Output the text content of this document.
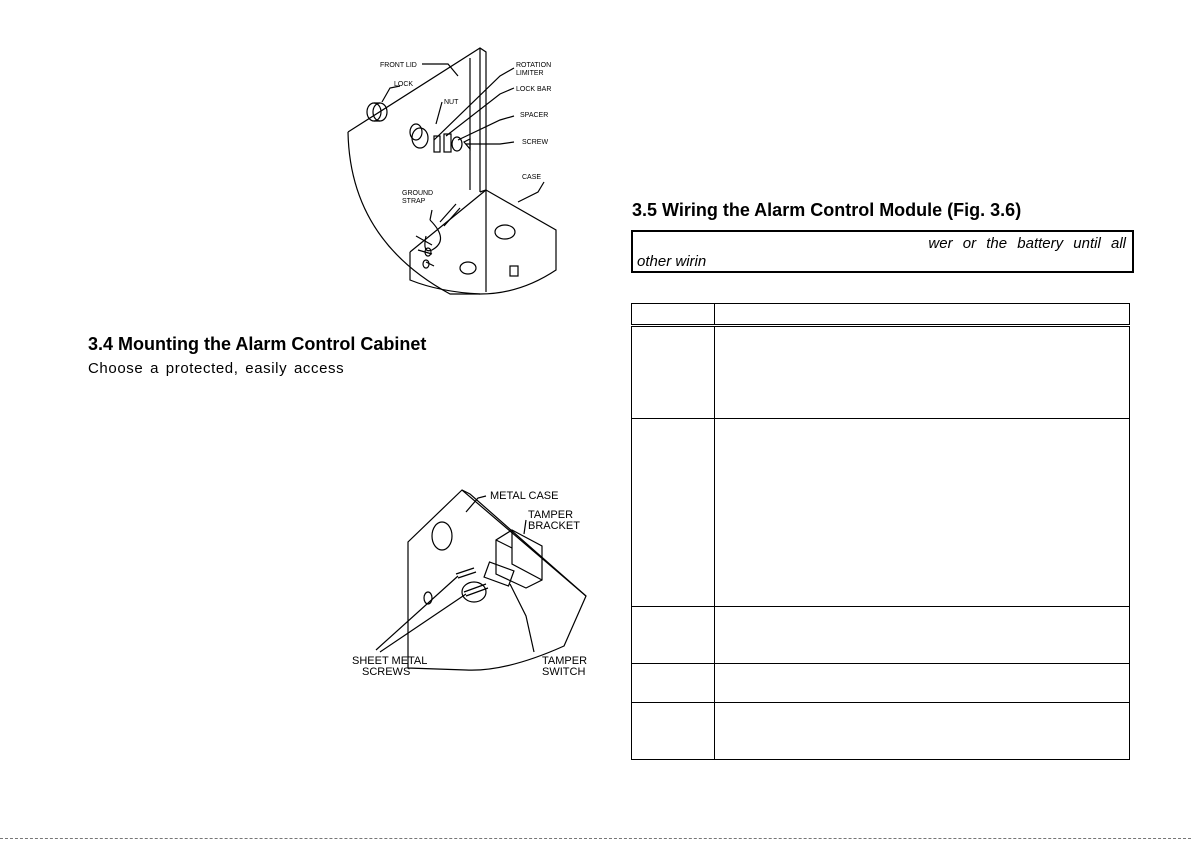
FRONT LID
LOCK
NUT
ROTATION
LIMITER
LOCK BAR
SPACER
SCREW
CASE
GROUND
STRAP
3.4 Mounting the Alarm Control Cabinet
Choose a protected, easily access
METAL CASE
TAMPER
BRACKET
SHEET METAL
SCREWS
TAMPER
SWITCH
3.5 Wiring the Alarm Control Module (Fig. 3.6)
wer or the battery until all
other wirin
